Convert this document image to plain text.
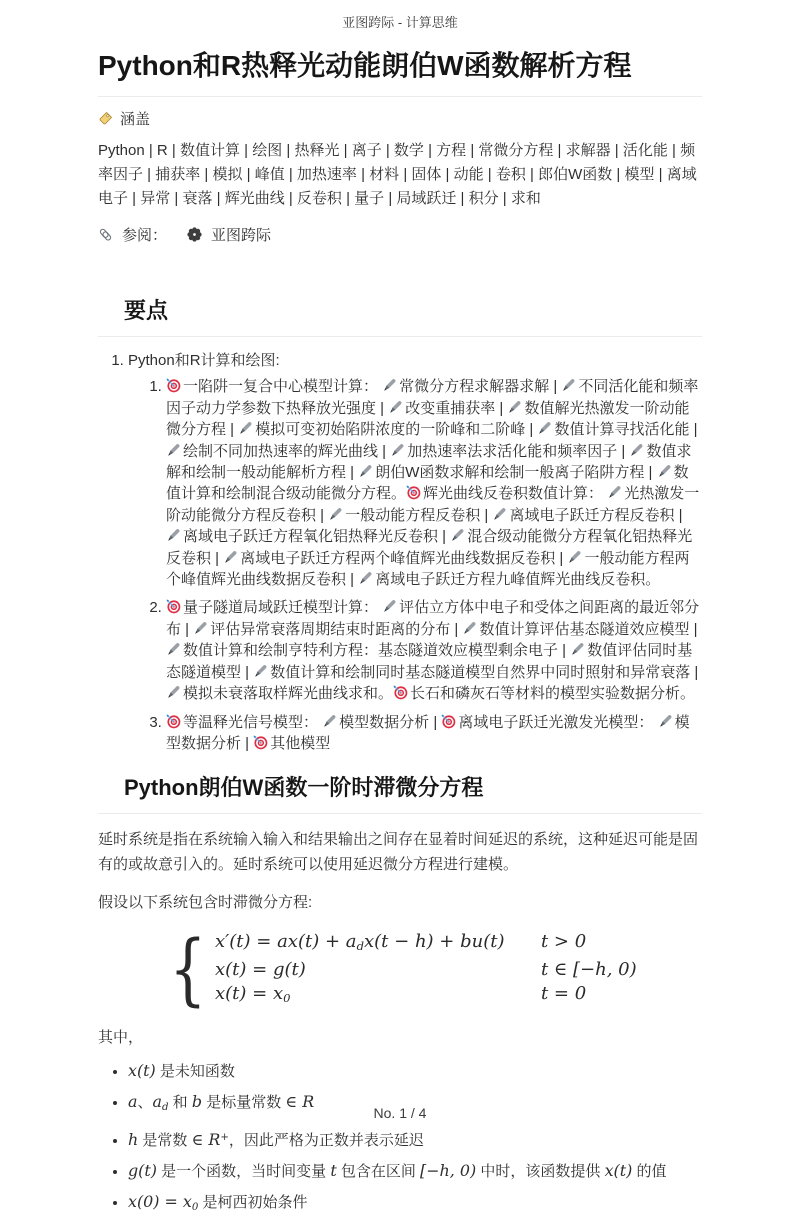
亚图跨际 - 计算思维
Python和R热释光动能朗伯W函数解析方程
涵盖
Python | R | 数值计算 | 绘图 | 热释光 | 离子 | 数学 | 方程 | 常微分方程 | 求解器 | 活化能 | 频率因子 | 捕获率 | 模拟 | 峰值 | 加热速率 | 材料 | 固体 | 动能 | 卷积 | 郎伯W函数 | 模型 | 离域电子 | 异常 | 衰落 | 辉光曲线 | 反卷积 | 量子 | 局域跃迁 | 积分 | 求和
参阅：	亚图跨际
要点
1. Python和R计算和绘图:
1. 一陷阱一复合中心模型计算：
常微分方程求解器求解 |
不同活化能和频率因子动力学参数下热释放光强度 |
改变重捕获率 |
数值解光热激发一阶动能微分方程 |
模拟可变初始陷阱浓度的一阶峰和二阶峰 |
数值计算寻找活化能 |
绘制不同加热速率的辉光曲线 |
加热速率法求活化能和频率因子 |
数值求解和绘制一般动能解析方程 |
朗伯W函数求解和绘制一般离子陷阱方程 |
数值计算和绘制混合级动能微分方程。 辉光曲线反卷积数值计算：
光热激发一阶动能微分方程反卷积 |
一般动能方程反卷积 |
离域电子跃迁方程反卷积 |
离域电子跃迁方程氧化铝热释光反卷积 |
混合级动能微分方程氧化铝热释光反卷积 |
离域电子跃迁方程两个峰值辉光曲线数据反卷积 |
一般动能方程两个峰值辉光曲线数据反卷积 |
离域电子跃迁方程九峰值辉光曲线反卷积。
2. 量子隧道局域跃迁模型计算：
评估立方体中电子和受体之间距离的最近邻分布 |
评估异常衰落周期结束时距离的分布 |
数值计算评估基态隧道效应模型 |
数值计算和绘制亨特利方程：基态隧道效应模型剩余电子 |
数值评估同时基态隧道模型 |
数值计算和绘制同时基态隧道模型自然界中同时照射和异常衰落 |
模拟未衰落取样辉光曲线求和。 长石和磷灰石等材料的模型实验数据分析。
3. 等温释光信号模型：
模型数据分析 |
离域电子跃迁光激发光模型：
模型数据分析 |
其他模型
Python朗伯W函数一阶时滞微分方程

延时系统是指在系统输入输入和结果输出之间存在显着时间延迟的系统，这种延迟可能是固有的或故意引入的。延时系统可以使用延迟微分方程进行建模。

假设以下系统包含时滞微分方程:

{ x′(t) = ax(t) + adx(t − h) + bu(t)	t > 0
x(t) = g(t)	t ∈ [−h, 0)
x(t) = x0	t = 0
其中，
• x(t) 是未知函数
• a、ad 和 b 是标量常数 ∈ R
• h 是常数 ∈ R+，因此严格为正数并表示延迟
• g(t) 是一个函数，当时间变量 t 包含在区间 [−h, 0) 中时，该函数提供 x(t) 的值
• x(0) = x0 是柯西初始条件
No. 1 / 4
